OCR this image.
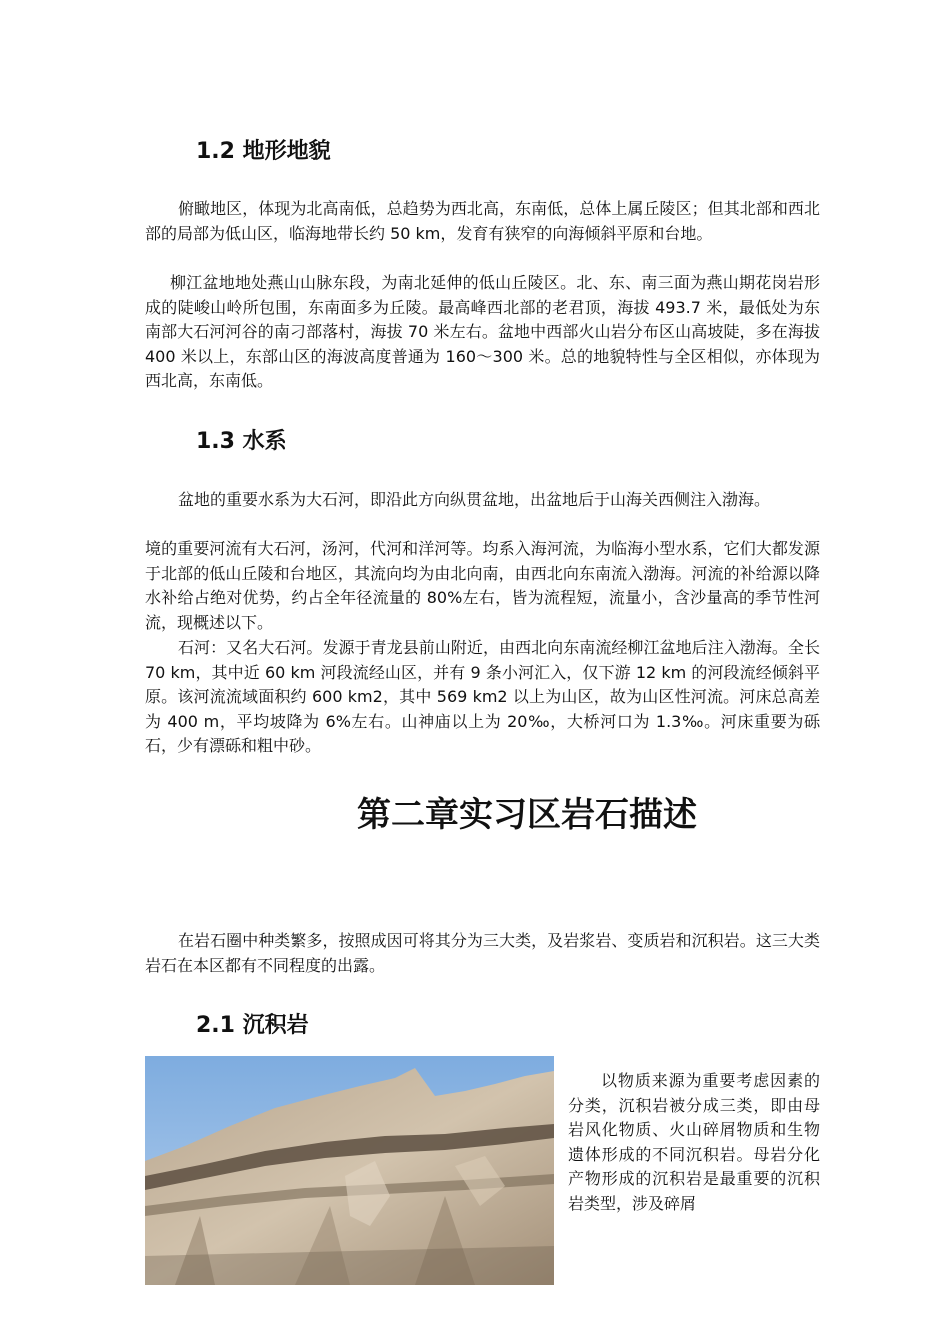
1.2 地形地貌

俯瞰地区，体现为北高南低，总趋势为西北高，东南低，总体上属丘陵区；但其北部和西北部的局部为低山区，临海地带长约 50 km，发育有狭窄的向海倾斜平原和台地。

柳江盆地地处燕山山脉东段，为南北延伸的低山丘陵区。北、东、南三面为燕山期花岗岩形成的陡峻山岭所包围，东南面多为丘陵。最高峰西北部的老君顶，海拔 493.7 米，最低处为东南部大石河河谷的南刁部落村，海拔 70 米左右。盆地中西部火山岩分布区山高坡陡，多在海拔 400 米以上，东部山区的海波高度普通为 160～300 米。总的地貌特性与全区相似，亦体现为西北高，东南低。

1.3 水系

盆地的重要水系为大石河，即沿此方向纵贯盆地，出盆地后于山海关西侧注入渤海。

境的重要河流有大石河，汤河，代河和洋河等。均系入海河流，为临海小型水系，它们大都发源于北部的低山丘陵和台地区，其流向均为由北向南，由西北向东南流入渤海。河流的补给源以降水补给占绝对优势，约占全年径流量的 80%左右，皆为流程短，流量小，含沙量高的季节性河流，现概述以下。

石河：又名大石河。发源于青龙县前山附近，由西北向东南流经柳江盆地后注入渤海。全长 70 km，其中近 60 km 河段流经山区，并有 9 条小河汇入，仅下游 12 km 的河段流经倾斜平原。该河流流域面积约 600 km2，其中 569 km2 以上为山区，故为山区性河流。河床总高差为 400 m，平均坡降为 6%左右。山神庙以上为 20‰，大桥河口为 1.3‰。河床重要为砾石，少有漂砾和粗中砂。

第二章实习区岩石描述

在岩石圈中种类繁多，按照成因可将其分为三大类，及岩浆岩、变质岩和沉积岩。这三大类岩石在本区都有不同程度的出露。

2.1 沉积岩

以物质来源为重要考虑因素的分类，沉积岩被分成三类，即由母岩风化物质、火山碎屑物质和生物遗体形成的不同沉积岩。母岩分化产物形成的沉积岩是最重要的沉积岩类型，涉及碎屑
